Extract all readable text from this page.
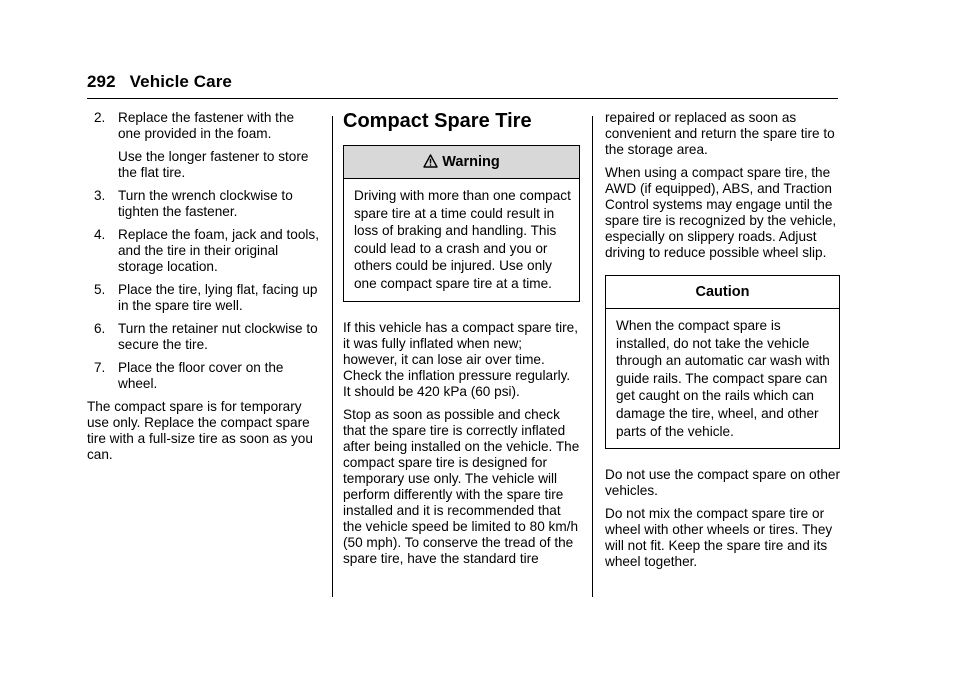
292 Vehicle Care
2. Replace the fastener with the one provided in the foam.
Use the longer fastener to store the flat tire.
3. Turn the wrench clockwise to tighten the fastener.
4. Replace the foam, jack and tools, and the tire in their original storage location.
5. Place the tire, lying flat, facing up in the spare tire well.
6. Turn the retainer nut clockwise to secure the tire.
7. Place the floor cover on the wheel.

The compact spare is for temporary use only. Replace the compact spare tire with a full-size tire as soon as you can.

Compact Spare Tire
Warning
Driving with more than one compact spare tire at a time could result in loss of braking and handling. This could lead to a crash and you or others could be injured. Use only one compact spare tire at a time.

If this vehicle has a compact spare tire, it was fully inflated when new; however, it can lose air over time. Check the inflation pressure regularly. It should be 420 kPa (60 psi).

Stop as soon as possible and check that the spare tire is correctly inflated after being installed on the vehicle. The compact spare tire is designed for temporary use only. The vehicle will perform differently with the spare tire installed and it is recommended that the vehicle speed be limited to 80 km/h (50 mph). To conserve the tread of the spare tire, have the standard tire

repaired or replaced as soon as convenient and return the spare tire to the storage area.

When using a compact spare tire, the AWD (if equipped), ABS, and Traction Control systems may engage until the spare tire is recognized by the vehicle, especially on slippery roads. Adjust driving to reduce possible wheel slip.

Caution
When the compact spare is installed, do not take the vehicle through an automatic car wash with guide rails. The compact spare can get caught on the rails which can damage the tire, wheel, and other parts of the vehicle.

Do not use the compact spare on other vehicles.

Do not mix the compact spare tire or wheel with other wheels or tires. They will not fit. Keep the spare tire and its wheel together.
